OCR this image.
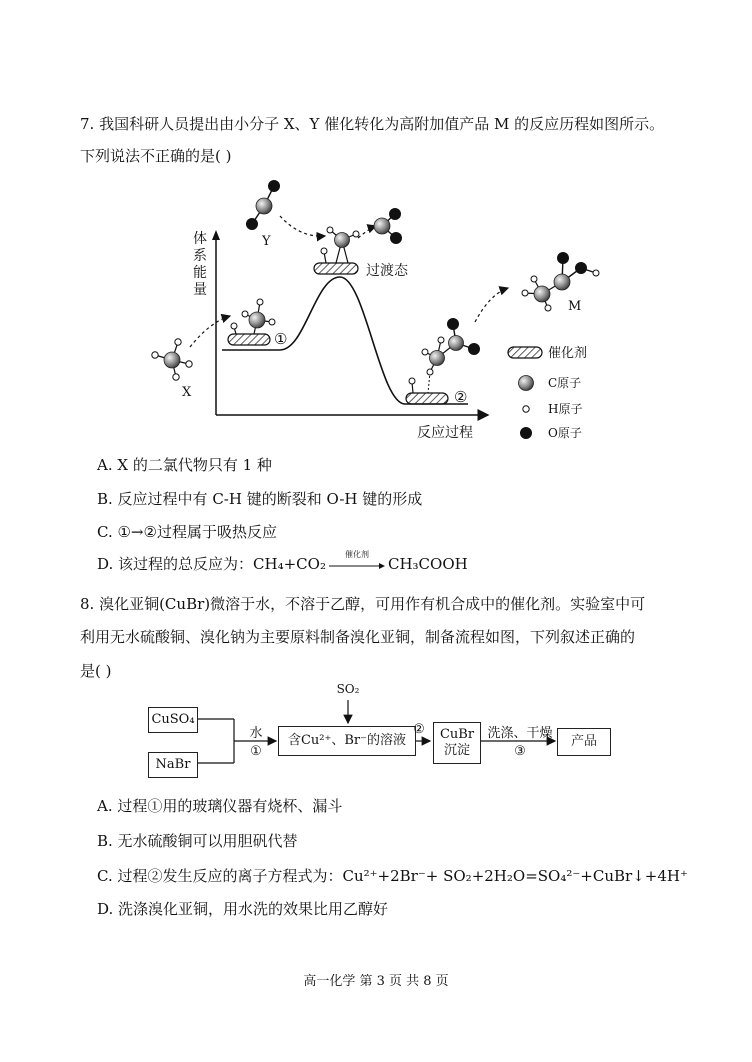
7. 我国科研人员提出由小分子 X、Y 催化转化为高附加值产品 M 的反应历程如图所示。
下列说法不正确的是( )
体
系
能
量
①
②
过渡态
X
Y
M
催化剂
C原子
H原子
O原子
反应过程
A. X 的二氯代物只有 1 种
B. 反应过程中有 C-H 键的断裂和 O-H 键的形成
C. ①→②过程属于吸热反应
D. 该过程的总反应为：CH₄+CO₂
催化剂
CH₃COOH
8. 溴化亚铜(CuBr)微溶于水，不溶于乙醇，可用作有机合成中的催化剂。实验室中可
利用无水硫酸铜、溴化钠为主要原料制备溴化亚铜，制备流程如图，下列叙述正确的
是( )
CuSO₄
NaBr
水
①
SO₂
含Cu²⁺、Br⁻的溶液
②	CuBr
沉淀
洗涤、干燥
③
产品
A. 过程①用的玻璃仪器有烧杯、漏斗
B. 无水硫酸铜可以用胆矾代替
C. 过程②发生反应的离子方程式为：Cu²⁺+2Br⁻+ SO₂+2H₂O=SO₄²⁻+CuBr↓+4H⁺
D. 洗涤溴化亚铜，用水洗的效果比用乙醇好
高一化学 第 3 页 共 8 页
